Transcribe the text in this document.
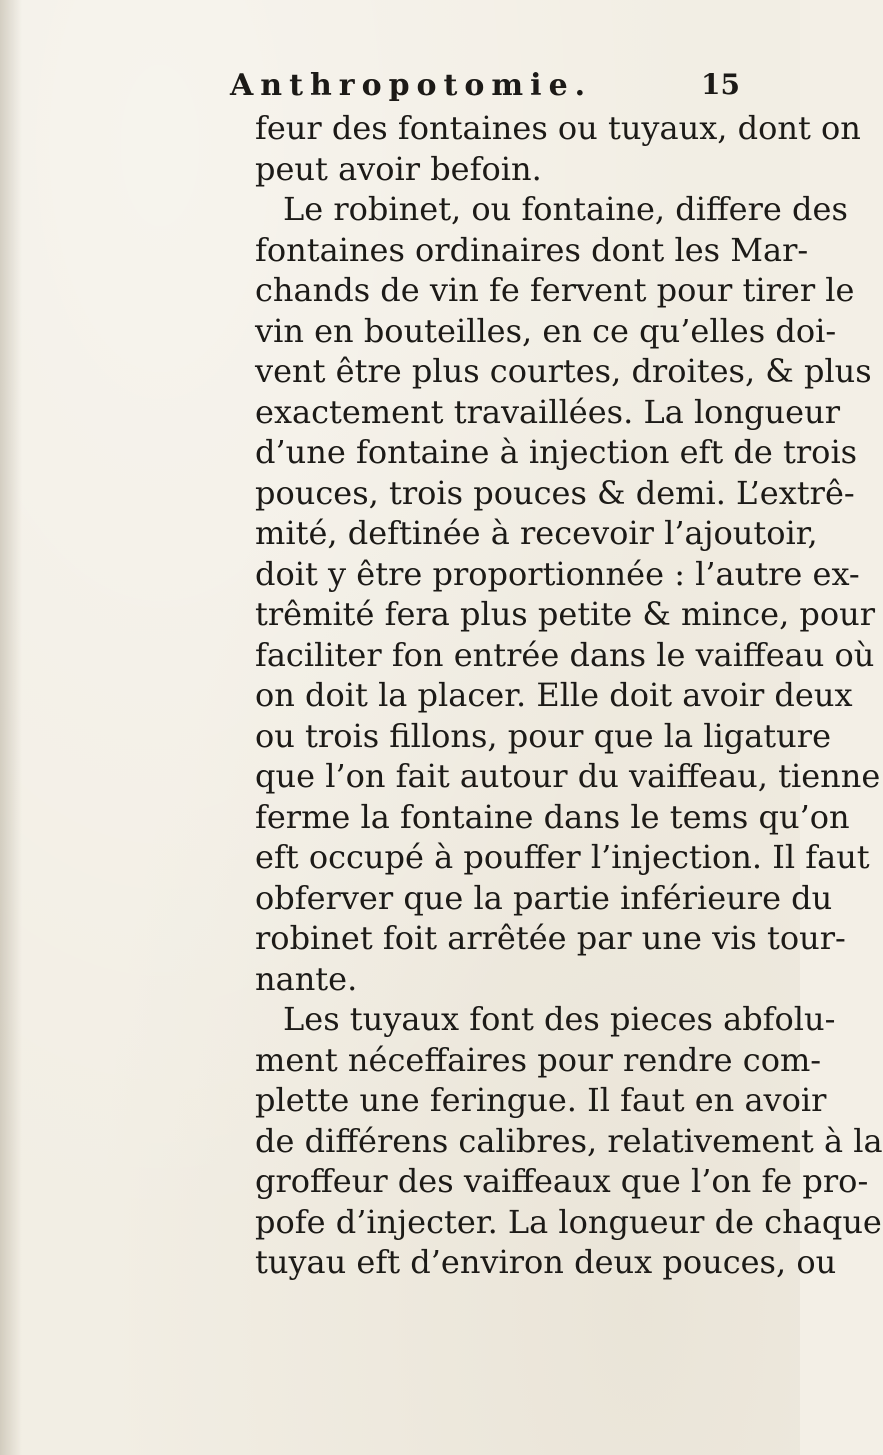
Anthropotomie.	15
feur des fontaines ou tuyaux, dont on
peut avoir befoin.
Le robinet, ou fontaine, differe des
fontaines ordinaires dont les Mar-
chands de vin fe fervent pour tirer le
vin en bouteilles, en ce qu’elles doi-
vent être plus courtes, droites, & plus
exactement travaillées. La longueur
d’une fontaine à injection eft de trois
pouces, trois pouces & demi. L’extrê-
mité, deftinée à recevoir l’ajoutoir,
doit y être proportionnée : l’autre ex-
trêmité fera plus petite & mince, pour
faciliter fon entrée dans le vaiffeau où
on doit la placer. Elle doit avoir deux
ou trois fillons, pour que la ligature
que l’on fait autour du vaiffeau, tienne
ferme la fontaine dans le tems qu’on
eft occupé à pouffer l’injection. Il faut
obferver que la partie inférieure du
robinet foit arrêtée par une vis tour-
nante.
Les tuyaux font des pieces abfolu-
ment néceffaires pour rendre com-
plette une feringue. Il faut en avoir
de différens calibres, relativement à la
groffeur des vaiffeaux que l’on fe pro-
pofe d’injecter. La longueur de chaque
tuyau eft d’environ deux pouces, ou
